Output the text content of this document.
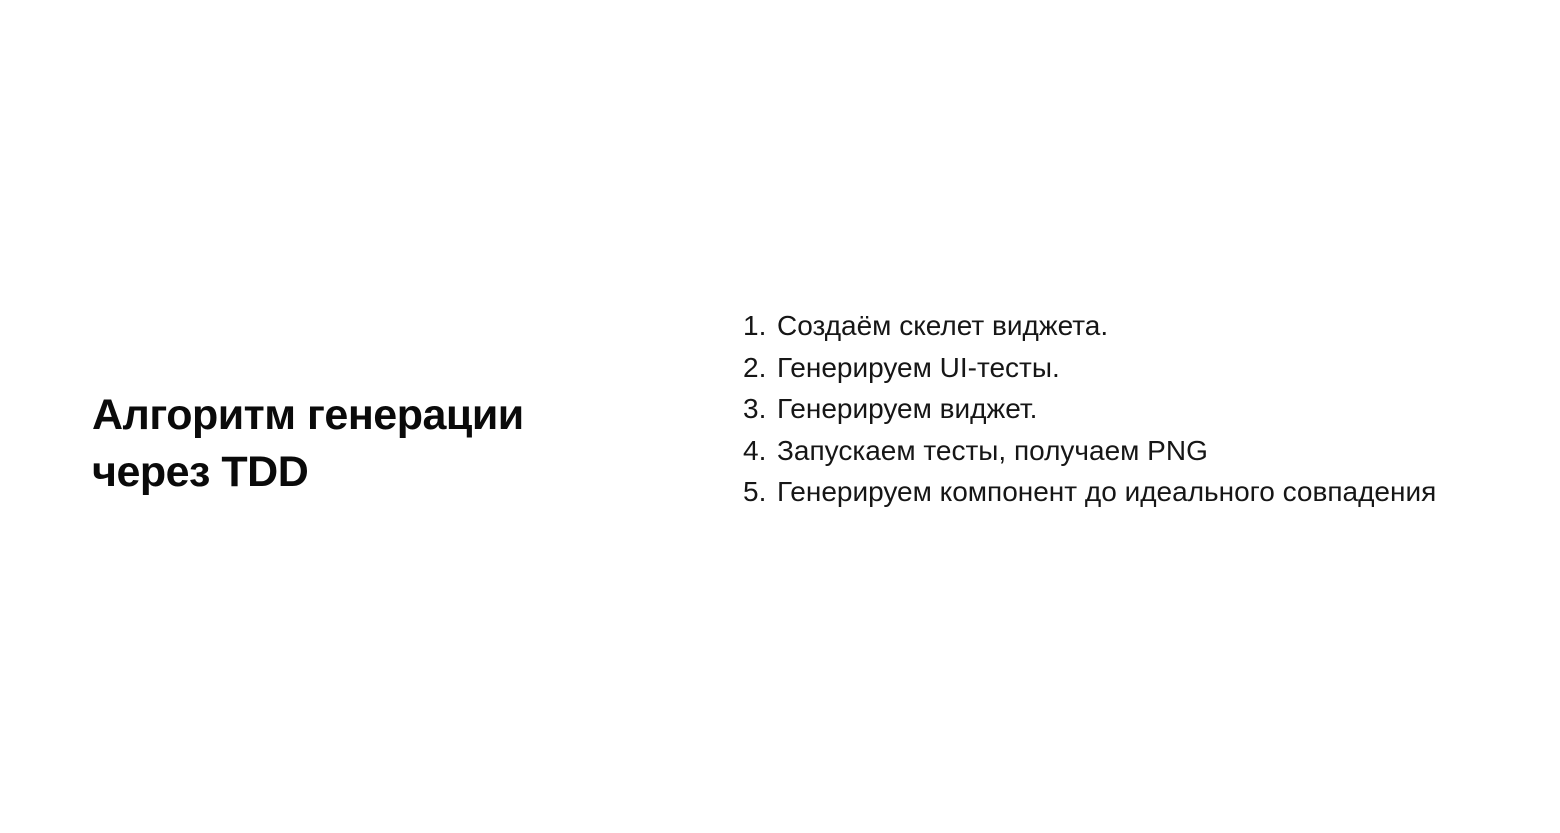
Алгоритм генерации
через TDD
1. Создаём скелет виджета.
2. Генерируем UI-тесты.
3. Генерируем виджет.
4. Запускаем тесты, получаем PNG
5. Генерируем компонент до идеального совпадения
